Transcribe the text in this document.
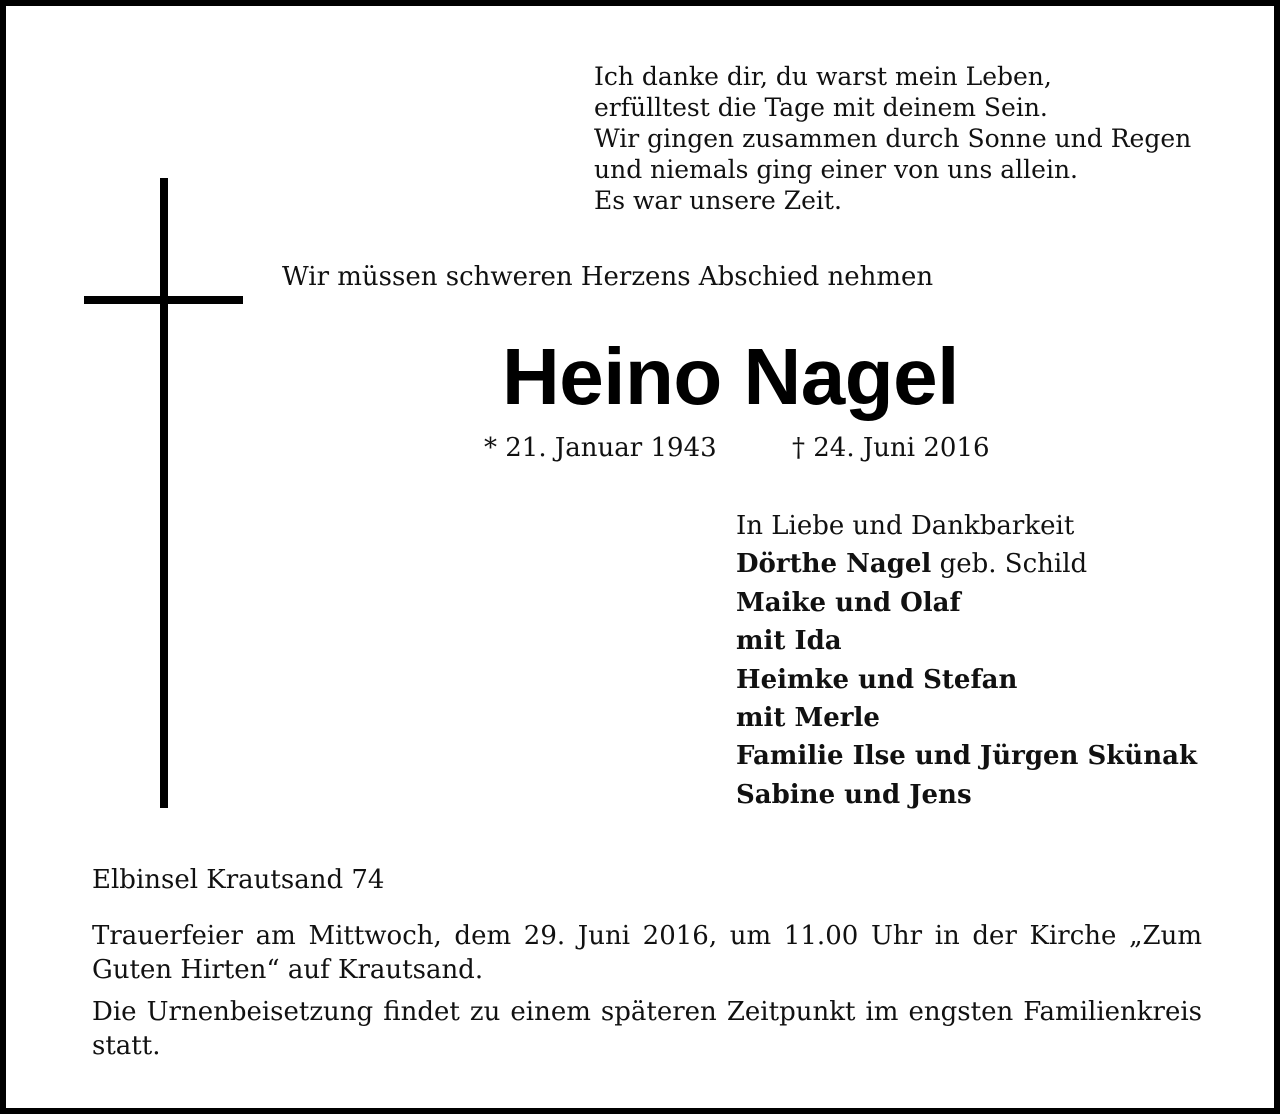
Ich danke dir, du warst mein Leben,
erfülltest die Tage mit deinem Sein.
Wir gingen zusammen durch Sonne und Regen
und niemals ging einer von uns allein.
Es war unsere Zeit.
Wir müssen schweren Herzens Abschied nehmen
Heino Nagel
* 21. Januar 1943	† 24. Juni 2016
In Liebe und Dankbarkeit
Dörthe Nagel geb. Schild
Maike und Olaf
mit Ida
Heimke und Stefan
mit Merle
Familie Ilse und Jürgen Skünak
Sabine und Jens
Elbinsel Krautsand 74
Trauerfeier am Mittwoch, dem 29. Juni 2016, um 11.00 Uhr in der Kirche „Zum Guten Hirten“ auf Krautsand.
Die Urnenbeisetzung findet zu einem späteren Zeitpunkt im engsten Familienkreis statt.
